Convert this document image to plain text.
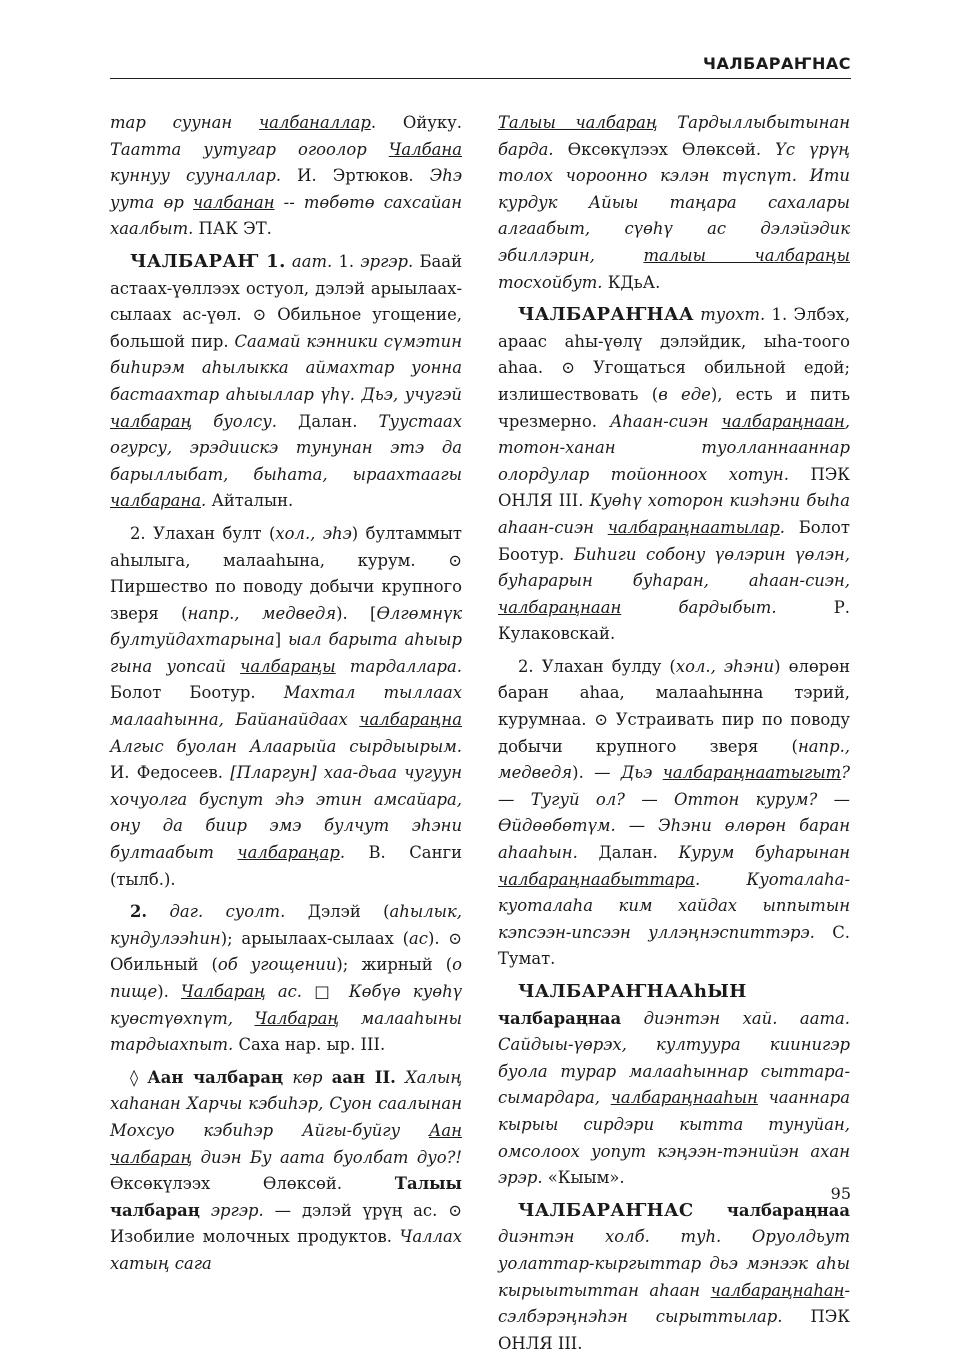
ЧАЛБАРАҤНАС

тар суунан чалбаналлар. Ойуку. Таатта уутугар огоолор Чалбана куннуу сууналлар. И. Эртюков. Эhэ уута өр чалбанан -- төбөтө сахсайан хаалбыт. ПАК ЭТ.

ЧАЛБАРАҤ 1. аат. 1. эргэр. Баай астаах-үөллээх остуол, дэлэй арыылаах-сылаах ас-үөл. ⊙ Обильное угощение, большой пир. Саамай кэнники сүмэтин биhирэм аhылыкка аймахтар уонна бастаахтар аhыыллар үһү. Дьэ, учугэй чалбараң буолсу. Далан. Туустаах огурсу, эрэдиискэ тунунан этэ да барыллыбат, быhата, ыраахтаагы чалбарана. Айталын.

2. Улахан булт (хол., эhэ) бултаммыт аhылыга, малааhына, курум. ⊙ Пиршество по поводу добычи крупного зверя (напр., медведя). [Өлгөмнүк бултуйдахтарына] ыал барыта аhыыр гына уопсай чалбараңы тардаллара. Болот Боотур. Махтал тыллаах малааhынна, Байанайдаах чалбараңна Алгыс буолан Алаарыйа сырдыырым. И. Федосеев. [Пларгун] хаа-дьаа чугуун хочуолга буспут эhэ этин амсайара, ону да биир эмэ булчут эhэни бултаабыт чалбараңар. В. Санги (тылб.).

2. даг. суолт. Дэлэй (аhылык, кундулээhин); арыылаах-сылаах (ас). ⊙ Обильный (об угощении); жирный (о пище). Чалбараң ас. □ Көбүө куөhү куөстүөхпүт, Чалбараң малааhыны тардыахпыт. Саха нар. ыр. III.

◊ Аан чалбараң көр аан II. Халың хаhанан Харчы кэбиhэр, Суон саалынан Мохсуо кэбиhэр Айгы-буйгу Аан чалбараң диэн Бу аата буолбат дуо?! Өксөкүлээх Өлөксөй. Талыы чалбараң эргэр. — дэлэй үрүң ас. ⊙ Изобилие молочных продуктов. Чаллах хатың сага

Талыы чалбараң Тардыллыбытынан барда. Өксөкүлээх Өлөксөй. Үс үрүң толох чороонно кэлэн түспүт. Ити курдук Айыы таңара сахалары алгаабыт, сүөhү ас дэлэйэдик эбиллэрин, талыы чалбараңы тосхойбут. КДьА.

ЧАЛБАРАҤНАА туохт. 1. Элбэх, араас аhы-үөлү дэлэйдик, ыhа-тоого аhаа. ⊙ Угощаться обильной едой; излишествовать (в еде), есть и пить чрезмерно. Аhаан-сиэн чалбараңнаан, тотон-ханан туолланнааннар олордулар тойонноох хотун. ПЭК ОНЛЯ III. Куөhү хоторон киэhэни быhа аhаан-сиэн чалбараңнаатылар. Болот Боотур. Биhиги собону үөлэрин үөлэн, буhарарын буhаран, аhаан-сиэн, чалбараңнаан бардыбыт. Р. Кулаковскай.

2. Улахан булду (хол., эhэни) өлөрөн баран аhаа, малааhынна тэрий, курумнаа. ⊙ Устраивать пир по поводу добычи крупного зверя (напр., медведя). — Дьэ чалбараңнаатыгыт? — Тугуй ол? — Оттон курум? — Өйдөөбөтүм. — Эhэни өлөрөн баран аhааhын. Далан. Курум буhарынан чалбараңнаабыттара. Куоталаhа-куоталаhа ким хайдах ыппытын кэпсээн-ипсээн уллэңнэспиттэрэ. С. Тумат.

ЧАЛБАРАҤНААhЫН чалбараңнаа диэнтэн хай. аата. Сайдыы-үөрэх, култуура киинигэр буола турар малааhыннар сыттара-сымардара, чалбараңнааhын чааннара кырыы сирдэри кытта тунуйан, омсолоох уопут кэңээн-тэнийэн ахан эрэр. «Кыым».

ЧАЛБАРАҤНАС чалбараңнаа диэнтэн холб. туh. Оруолдьут уолаттар-кыргыттар дьэ мэнээк аhы кырыытыттан аhаан чалбараңнаhан-сэлбэрэңнэhэн сырыттылар. ПЭК ОНЛЯ III.

95
